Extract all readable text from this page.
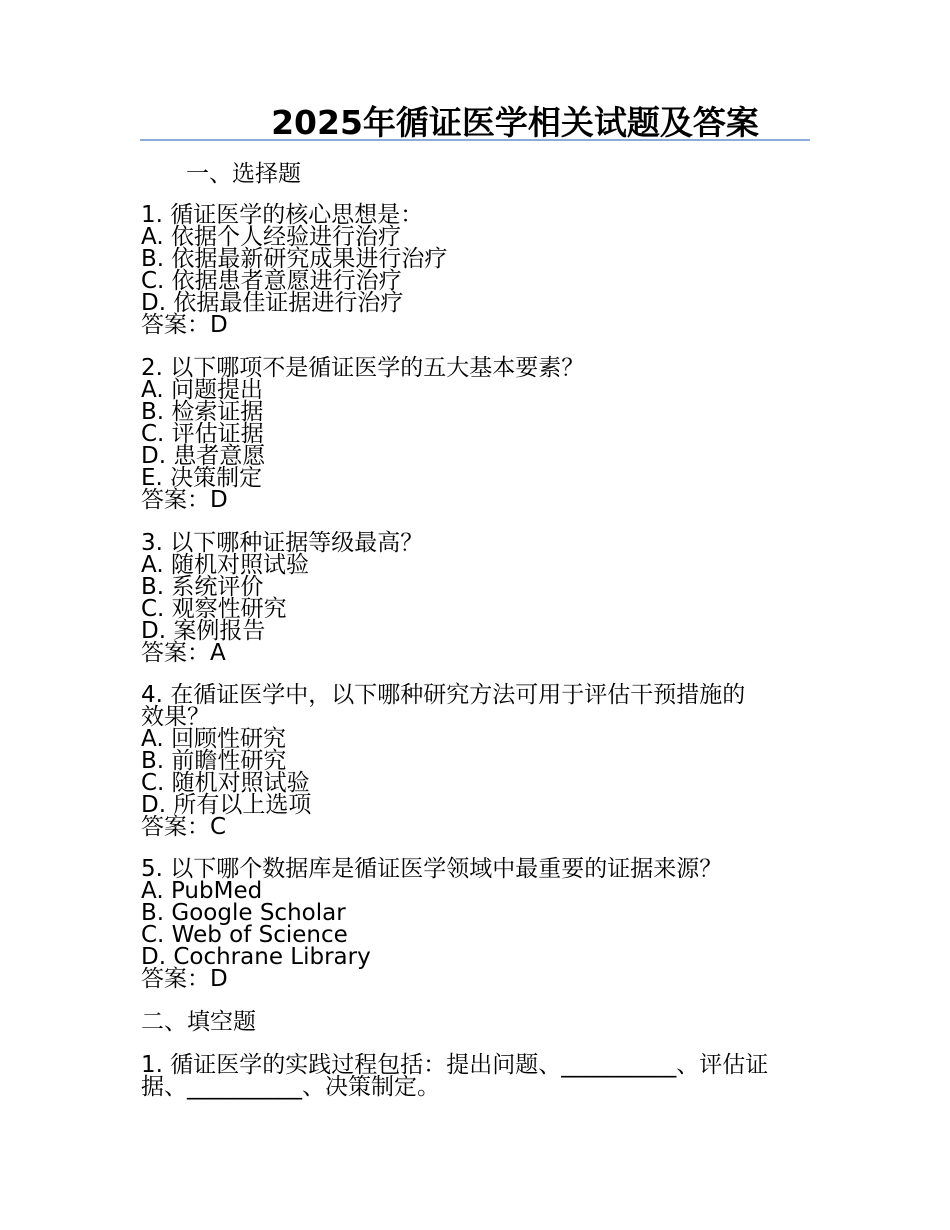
2025年循证医学相关试题及答案
一、选择题
1. 循证医学的核心思想是：
A. 依据个人经验进行治疗
B. 依据最新研究成果进行治疗
C. 依据患者意愿进行治疗
D. 依据最佳证据进行治疗
答案：D
2. 以下哪项不是循证医学的五大基本要素？
A. 问题提出
B. 检索证据
C. 评估证据
D. 患者意愿
E. 决策制定
答案：D
3. 以下哪种证据等级最高？
A. 随机对照试验
B. 系统评价
C. 观察性研究
D. 案例报告
答案：A
4. 在循证医学中，以下哪种研究方法可用于评估干预措施的
效果？
A. 回顾性研究
B. 前瞻性研究
C. 随机对照试验
D. 所有以上选项
答案：C
5. 以下哪个数据库是循证医学领域中最重要的证据来源？
A. PubMed
B. Google Scholar
C. Web of Science
D. Cochrane Library
答案：D
二、填空题
1. 循证医学的实践过程包括：提出问题、__________、评估证
据、__________、决策制定。
